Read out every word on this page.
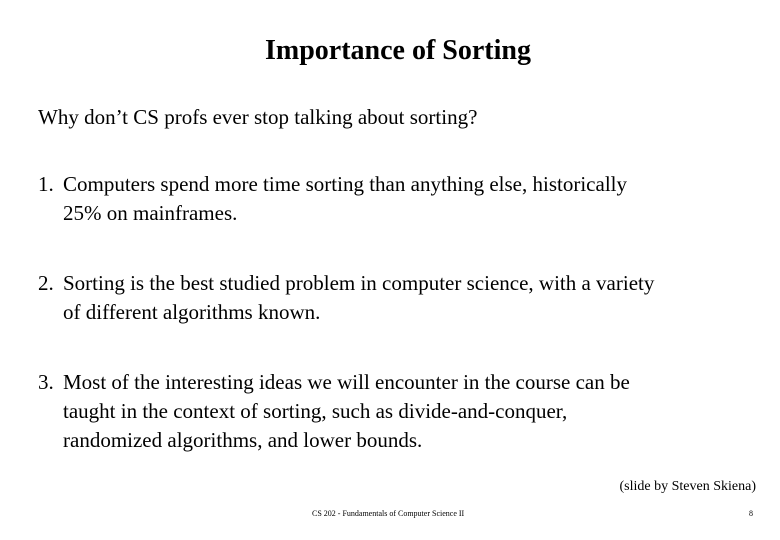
Importance of Sorting
Why don’t CS profs ever stop talking about sorting?
1. Computers spend more time sorting than anything else, historically
25% on mainframes.
2. Sorting is the best studied problem in computer science, with a variety
of different algorithms known.
3. Most of the interesting ideas we will encounter in the course can be
taught in the context of sorting, such as divide-and-conquer,
randomized algorithms, and lower bounds.
(slide by Steven Skiena)
CS 202 - Fundamentals of Computer Science II	8
